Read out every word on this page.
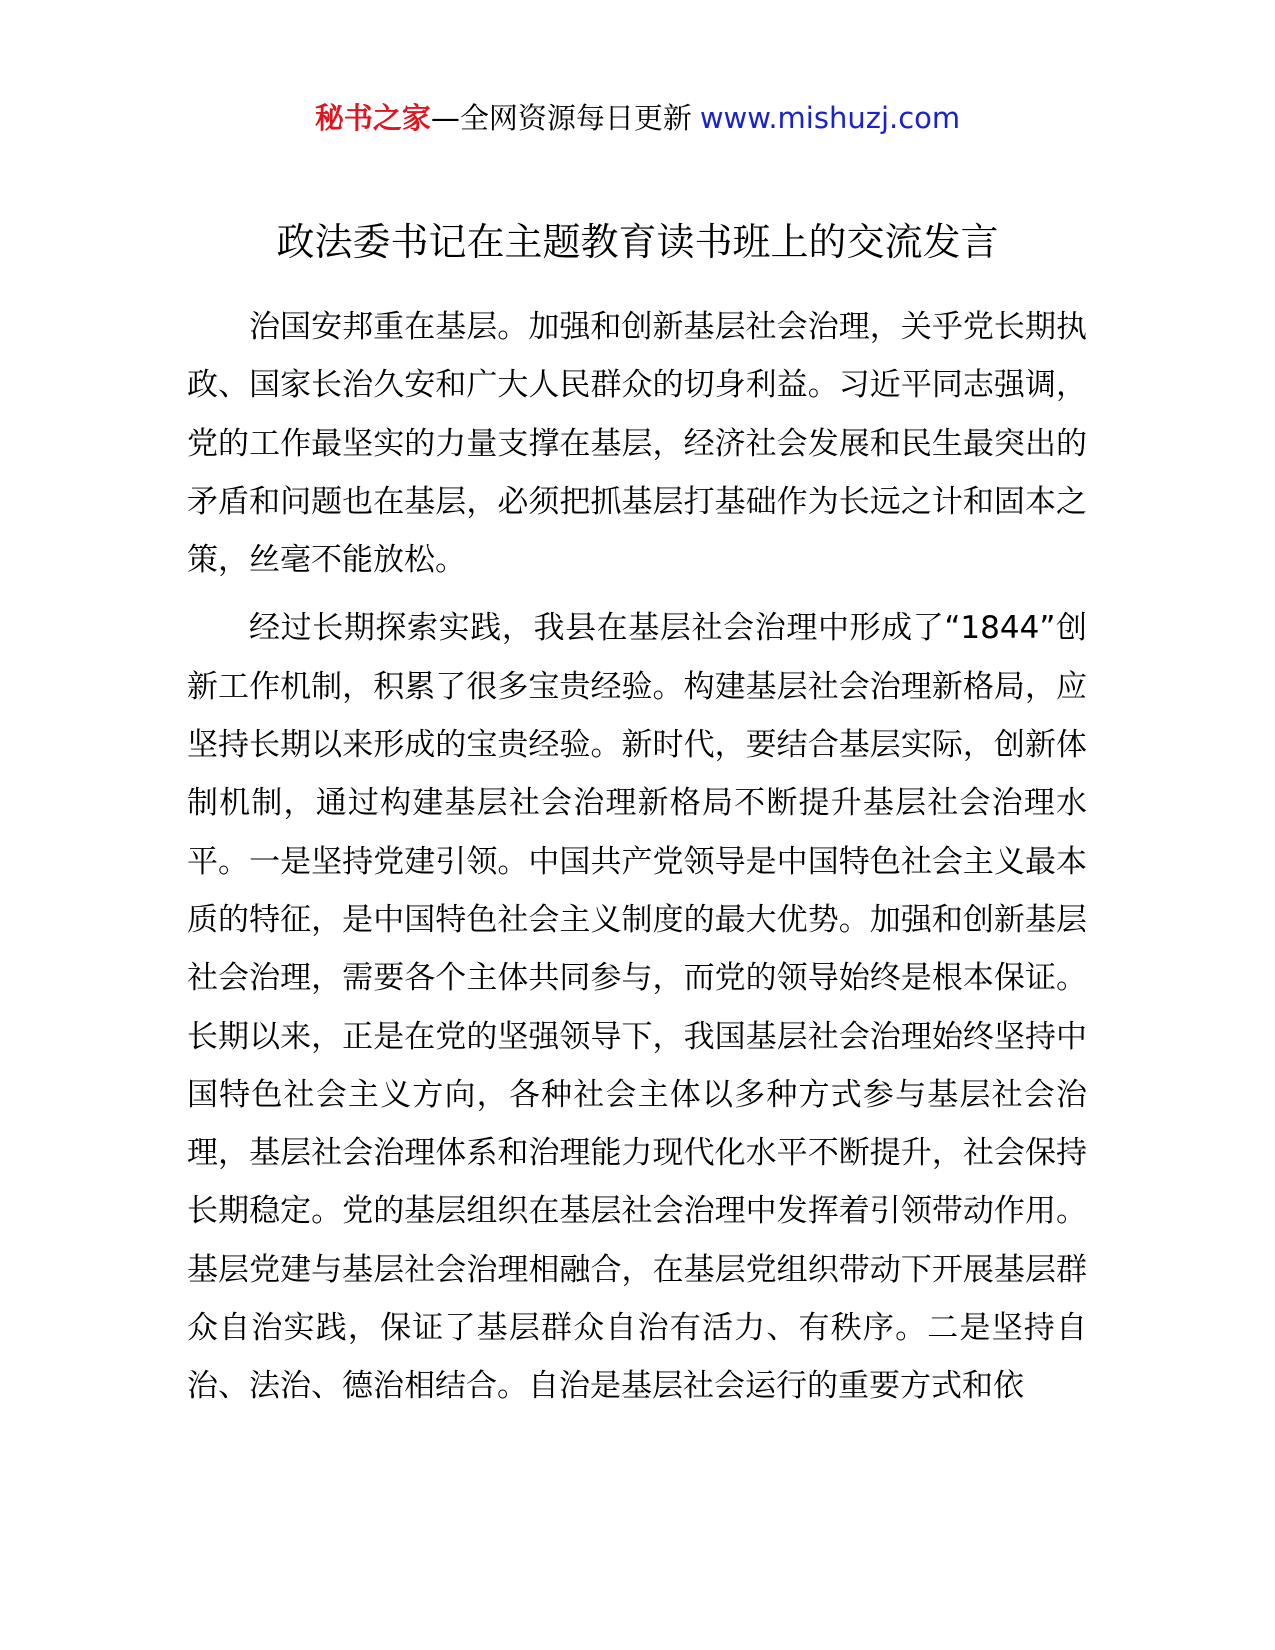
秘书之家—全网资源每日更新 www.mishuzj.com
政法委书记在主题教育读书班上的交流发言

治国安邦重在基层。加强和创新基层社会治理，关乎党长期执政、国家长治久安和广大人民群众的切身利益。习近平同志强调，党的工作最坚实的力量支撑在基层，经济社会发展和民生最突出的矛盾和问题也在基层，必须把抓基层打基础作为长远之计和固本之策，丝毫不能放松。

经过长期探索实践，我县在基层社会治理中形成了“1844”创新工作机制，积累了很多宝贵经验。构建基层社会治理新格局，应坚持长期以来形成的宝贵经验。新时代，要结合基层实际，创新体制机制，通过构建基层社会治理新格局不断提升基层社会治理水平。一是坚持党建引领。中国共产党领导是中国特色社会主义最本质的特征，是中国特色社会主义制度的最大优势。加强和创新基层社会治理，需要各个主体共同参与，而党的领导始终是根本保证。长期以来，正是在党的坚强领导下，我国基层社会治理始终坚持中国特色社会主义方向，各种社会主体以多种方式参与基层社会治理，基层社会治理体系和治理能力现代化水平不断提升，社会保持长期稳定。党的基层组织在基层社会治理中发挥着引领带动作用。基层党建与基层社会治理相融合，在基层党组织带动下开展基层群众自治实践，保证了基层群众自治有活力、有秩序。二是坚持自治、法治、德治相结合。自治是基层社会运行的重要方式和依
